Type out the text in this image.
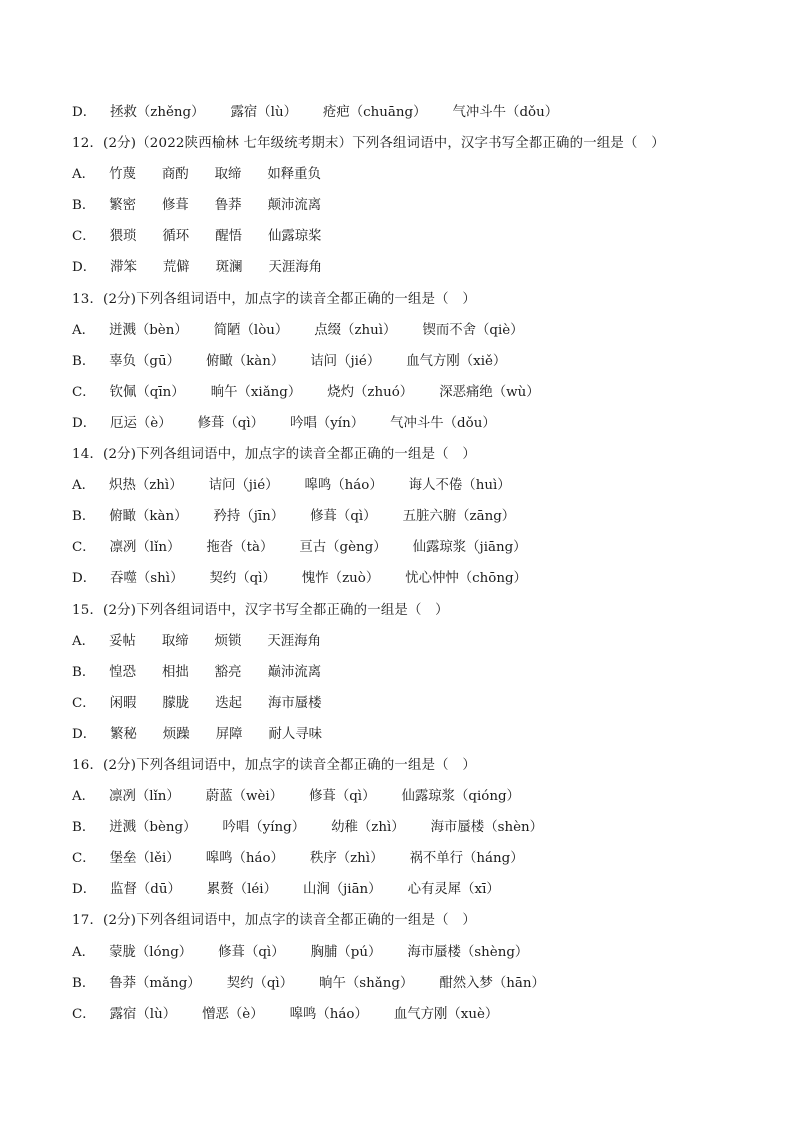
D． 拯救（zhěng） 露宿（lù） 疮疤（chuāng） 气冲斗牛（dǒu）
12．(2分)（2022陕西榆林 七年级统考期末）下列各组词语中，汉字书写全都正确的一组是（　）
A． 竹蔑 商酌 取缔 如释重负
B． 繁密 修葺 鲁莽 颠沛流离
C． 猥琐 循环 醒悟 仙露琼桨
D． 滞笨 荒僻 斑澜 天涯海角
13．(2分)下列各组词语中，加点字的读音全都正确的一组是（　）
A． 迸溅（bèn） 简陋（lòu） 点缀（zhuì） 锲而不舍（qiè）
B． 辜负（gū） 俯瞰（kàn） 诘问（jié） 血气方刚（xiě）
C． 钦佩（qīn） 晌午（xiǎng） 烧灼（zhuó） 深恶痛绝（wù）
D． 厄运（è） 修葺（qì） 吟唱（yín） 气冲斗牛（dǒu）
14．(2分)下列各组词语中，加点字的读音全都正确的一组是（　）
A． 炽热（zhì） 诘问（jié） 嗥鸣（háo） 诲人不倦（huì）
B． 俯瞰（kàn） 矜持（jīn） 修葺（qì） 五脏六腑（zāng）
C． 凛冽（lǐn） 拖沓（tà） 亘古（gèng） 仙露琼浆（jiāng）
D． 吞噬（shì） 契约（qì） 愧怍（zuò） 忧心忡忡（chōng）
15．(2分)下列各组词语中，汉字书写全都正确的一组是（　）
A． 妥帖 取缔 烦锁 天涯海角
B． 惶恐 相拙 豁亮 巅沛流离
C． 闲暇 朦胧 迭起 海市蜃楼
D． 繁秘 烦躁 屏障 耐人寻味
16．(2分)下列各组词语中，加点字的读音全都正确的一组是（　）
A． 凛冽（lǐn） 蔚蓝（wèi） 修葺（qì） 仙露琼浆（qióng）
B． 迸溅（bèng） 吟唱（yíng） 幼稚（zhì） 海市蜃楼（shèn）
C． 堡垒（lěi） 嗥鸣（háo） 秩序（zhì） 祸不单行（háng）
D． 监督（dū） 累赘（léi） 山涧（jiān） 心有灵犀（xī）
17．(2分)下列各组词语中，加点字的读音全都正确的一组是（　）
A． 蒙胧（lóng） 修葺（qì） 胸脯（pú） 海市蜃楼（shèng）
B． 鲁莽（mǎng） 契约（qì） 晌午（shǎng） 酣然入梦（hān）
C． 露宿（lù） 憎恶（è） 嗥鸣（háo） 血气方刚（xuè）
